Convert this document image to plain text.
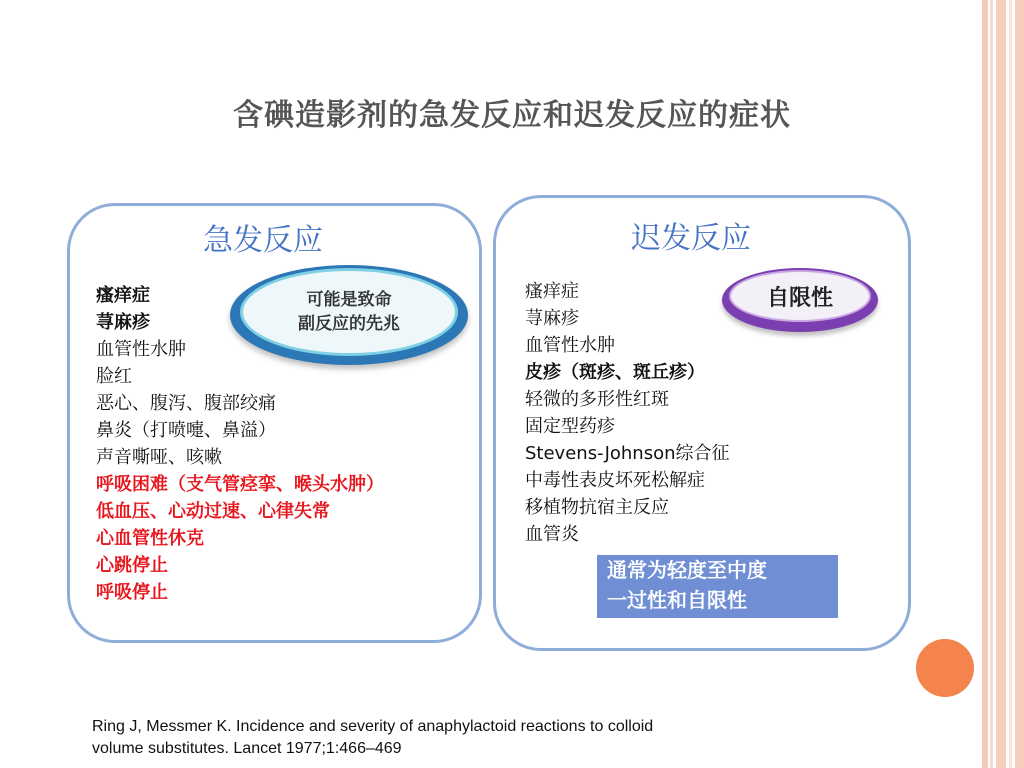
含碘造影剂的急发反应和迟发反应的症状
急发反应
瘙痒症
荨麻疹
血管性水肿
脸红
恶心、腹泻、腹部绞痛
鼻炎（打喷嚏、鼻溢）
声音嘶哑、咳嗽
呼吸困难（支气管痉挛、喉头水肿）
低血压、心动过速、心律失常
心血管性休克
心跳停止
呼吸停止
可能是致命
副反应的先兆
迟发反应
瘙痒症
荨麻疹
血管性水肿
皮疹（斑疹、斑丘疹）
轻微的多形性红斑
固定型药疹
Stevens-Johnson综合征
中毒性表皮坏死松解症
移植物抗宿主反应
血管炎
自限性
通常为轻度至中度
一过性和自限性
Ring J, Messmer K. Incidence and severity of anaphylactoid reactions to colloid
volume substitutes. Lancet 1977;1:466–469
